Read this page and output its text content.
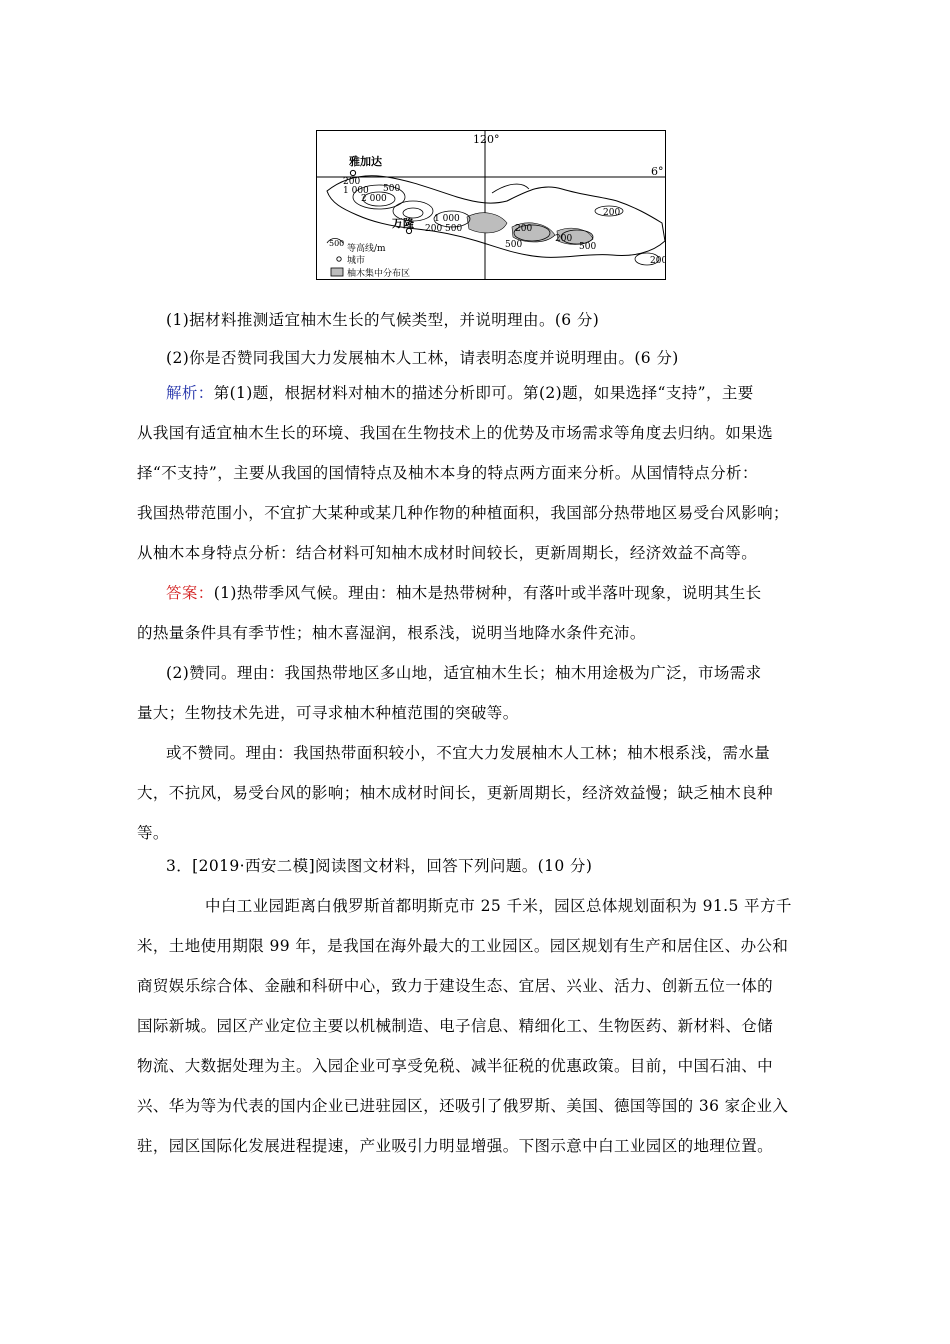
120°
6°
雅加达
万隆
200
1 000
2 000
500
1 000
200 500	200
500
200
500
200
200
500
等高线/m
城市
柚木集中分布区
(1)据材料推测适宜柚木生长的气候类型，并说明理由。(6 分)
(2)你是否赞同我国大力发展柚木人工林，请表明态度并说明理由。(6 分)
解析：第(1)题，根据材料对柚木的描述分析即可。第(2)题，如果选择“支持”，主要
从我国有适宜柚木生长的环境、我国在生物技术上的优势及市场需求等角度去归纳。如果选
择“不支持”，主要从我国的国情特点及柚木本身的特点两方面来分析。从国情特点分析：
我国热带范围小，不宜扩大某种或某几种作物的种植面积，我国部分热带地区易受台风影响；
从柚木本身特点分析：结合材料可知柚木成材时间较长，更新周期长，经济效益不高等。
答案：(1)热带季风气候。理由：柚木是热带树种，有落叶或半落叶现象，说明其生长
的热量条件具有季节性；柚木喜湿润，根系浅，说明当地降水条件充沛。
(2)赞同。理由：我国热带地区多山地，适宜柚木生长；柚木用途极为广泛，市场需求
量大；生物技术先进，可寻求柚木种植范围的突破等。
或不赞同。理由：我国热带面积较小，不宜大力发展柚木人工林；柚木根系浅，需水量
大，不抗风，易受台风的影响；柚木成材时间长，更新周期长，经济效益慢；缺乏柚木良种
等。
3．[2019·西安二模]阅读图文材料，回答下列问题。(10 分)
中白工业园距离白俄罗斯首都明斯克市 25 千米，园区总体规划面积为 91.5 平方千
米，土地使用期限 99 年，是我国在海外最大的工业园区。园区规划有生产和居住区、办公和
商贸娱乐综合体、金融和科研中心，致力于建设生态、宜居、兴业、活力、创新五位一体的
国际新城。园区产业定位主要以机械制造、电子信息、精细化工、生物医药、新材料、仓储
物流、大数据处理为主。入园企业可享受免税、减半征税的优惠政策。目前，中国石油、中
兴、华为等为代表的国内企业已进驻园区，还吸引了俄罗斯、美国、德国等国的 36 家企业入
驻，园区国际化发展进程提速，产业吸引力明显增强。下图示意中白工业园区的地理位置。
